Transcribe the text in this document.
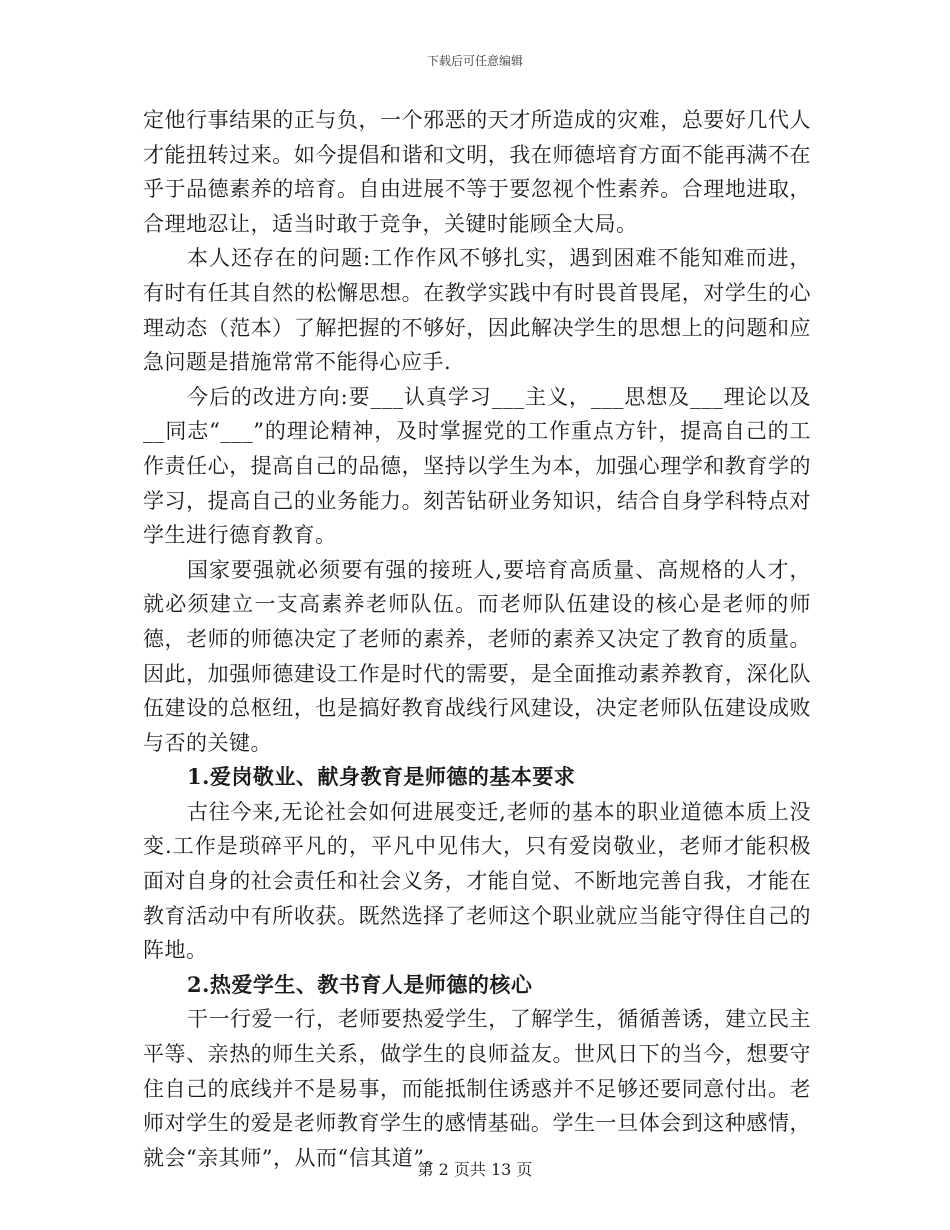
下载后可任意编辑

定他行事结果的正与负，一个邪恶的天才所造成的灾难，总要好几代人才能扭转过来。如今提倡和谐和文明，我在师德培育方面不能再满不在乎于品德素养的培育。自由进展不等于要忽视个性素养。合理地进取，合理地忍让，适当时敢于竞争，关键时能顾全大局。

本人还存在的问题:工作作风不够扎实，遇到困难不能知难而进，有时有任其自然的松懈思想。在教学实践中有时畏首畏尾，对学生的心理动态（范本）了解把握的不够好，因此解决学生的思想上的问题和应急问题是措施常常不能得心应手.

今后的改进方向:要___认真学习___主义，___思想及___理论以及__同志“___”的理论精神，及时掌握党的工作重点方针，提高自己的工作责任心，提高自己的品德，坚持以学生为本，加强心理学和教育学的学习，提高自己的业务能力。刻苦钻研业务知识，结合自身学科特点对学生进行德育教育。

国家要强就必须要有强的接班人,要培育高质量、高规格的人才，就必须建立一支高素养老师队伍。而老师队伍建设的核心是老师的师德，老师的师德决定了老师的素养，老师的素养又决定了教育的质量。因此，加强师德建设工作是时代的需要，是全面推动素养教育，深化队伍建设的总枢纽，也是搞好教育战线行风建设，决定老师队伍建设成败与否的关键。

1.爱岗敬业、献身教育是师德的基本要求

古往今来,无论社会如何进展变迁,老师的基本的职业道德本质上没变.工作是琐碎平凡的，平凡中见伟大，只有爱岗敬业，老师才能积极面对自身的社会责任和社会义务，才能自觉、不断地完善自我，才能在教育活动中有所收获。既然选择了老师这个职业就应当能守得住自己的阵地。

2.热爱学生、教书育人是师德的核心

干一行爱一行，老师要热爱学生，了解学生，循循善诱，建立民主平等、亲热的师生关系，做学生的良师益友。世风日下的当今，想要守住自己的底线并不是易事，而能抵制住诱惑并不足够还要同意付出。老师对学生的爱是老师教育学生的感情基础。学生一旦体会到这种感情，就会“亲其师”，从而“信其道”。

第 2 页共 13 页
